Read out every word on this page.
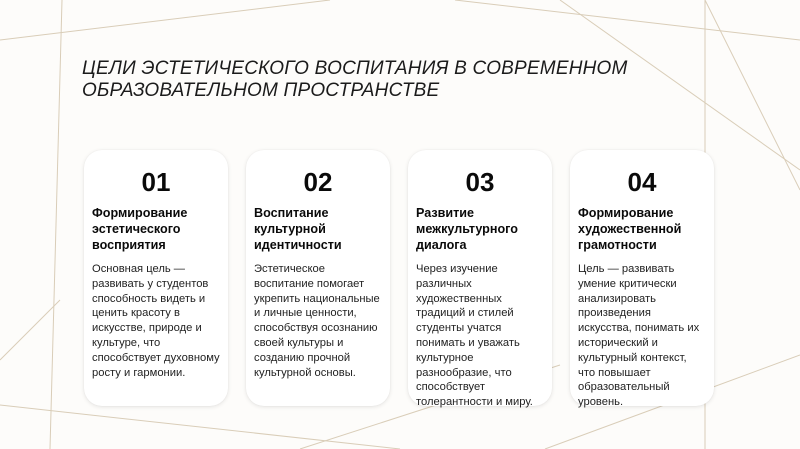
ЦЕЛИ ЭСТЕТИЧЕСКОГО ВОСПИТАНИЯ В СОВРЕМЕННОМ ОБРАЗОВАТЕЛЬНОМ ПРОСТРАНСТВЕ
01
Формирование эстетического восприятия
Основная цель — развивать у студентов способность видеть и ценить красоту в искусстве, природе и культуре, что способствует духовному росту и гармонии.
02
Воспитание культурной идентичности
Эстетическое воспитание помогает укрепить национальные и личные ценности, способствуя осознанию своей культуры и созданию прочной культурной основы.
03
Развитие межкультурного диалога
Через изучение различных художественных традиций и стилей студенты учатся понимать и уважать культурное разнообразие, что способствует толерантности и миру.
04
Формирование художественной грамотности
Цель — развивать умение критически анализировать произведения искусства, понимать их исторический и культурный контекст, что повышает образовательный уровень.
